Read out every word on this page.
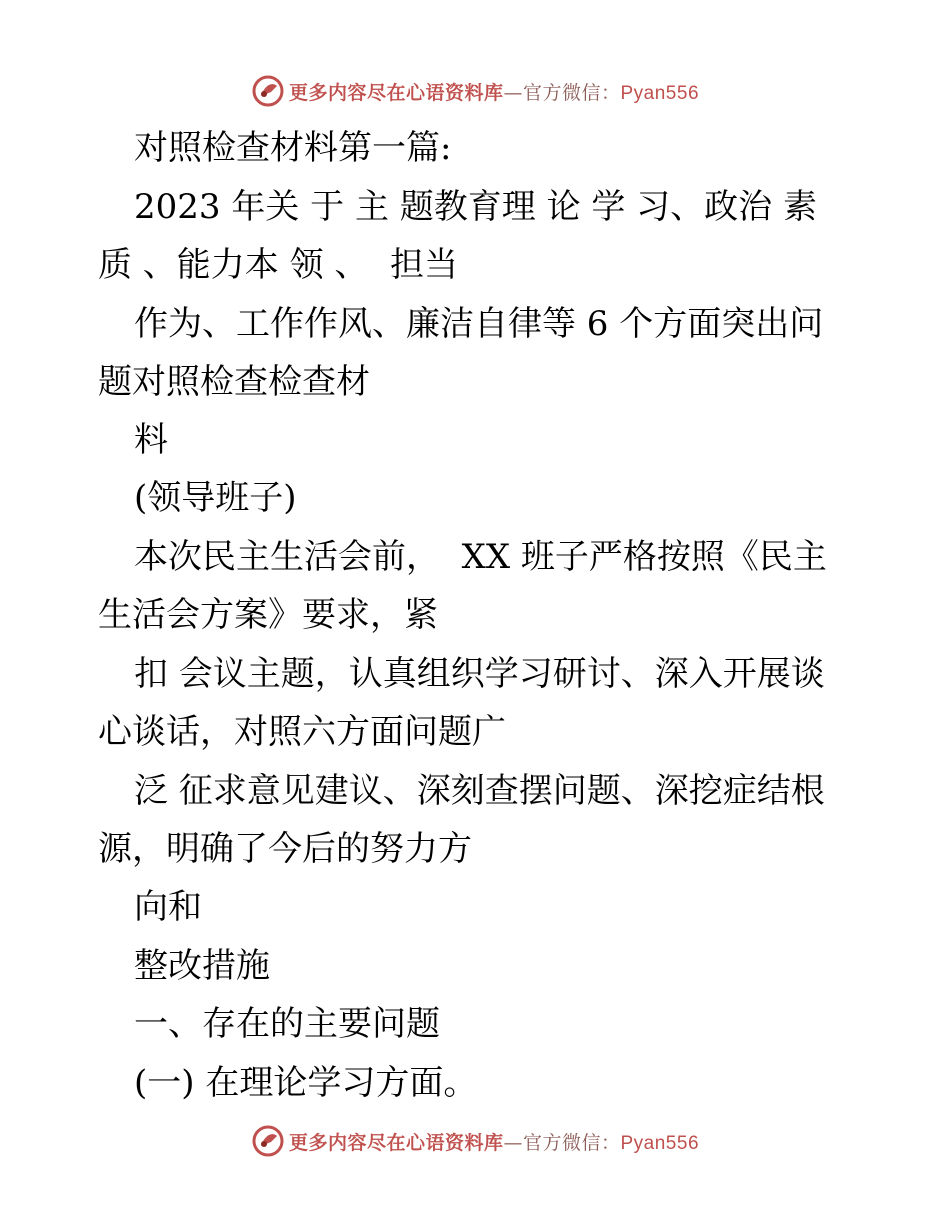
更多内容尽在心语资料库—官方微信：Pyan556
对照检查材料第一篇:
2023 年关 于 主 题教育理 论 学 习、政治 素
质 、能力本 领 、  担当
作为、工作作风、廉洁自律等 6 个方面突出问
题对照检查检查材
料
(领导班子)
本次民主生活会前，  XX 班子严格按照《民主
生活会方案》要求，紧
扣 会议主题，认真组织学习研讨、深入开展谈
心谈话，对照六方面问题广
泛 征求意见建议、深刻查摆问题、深挖症结根
源，明确了今后的努力方
向和
整改措施
一、存在的主要问题
(一) 在理论学习方面。
更多内容尽在心语资料库—官方微信：Pyan556
